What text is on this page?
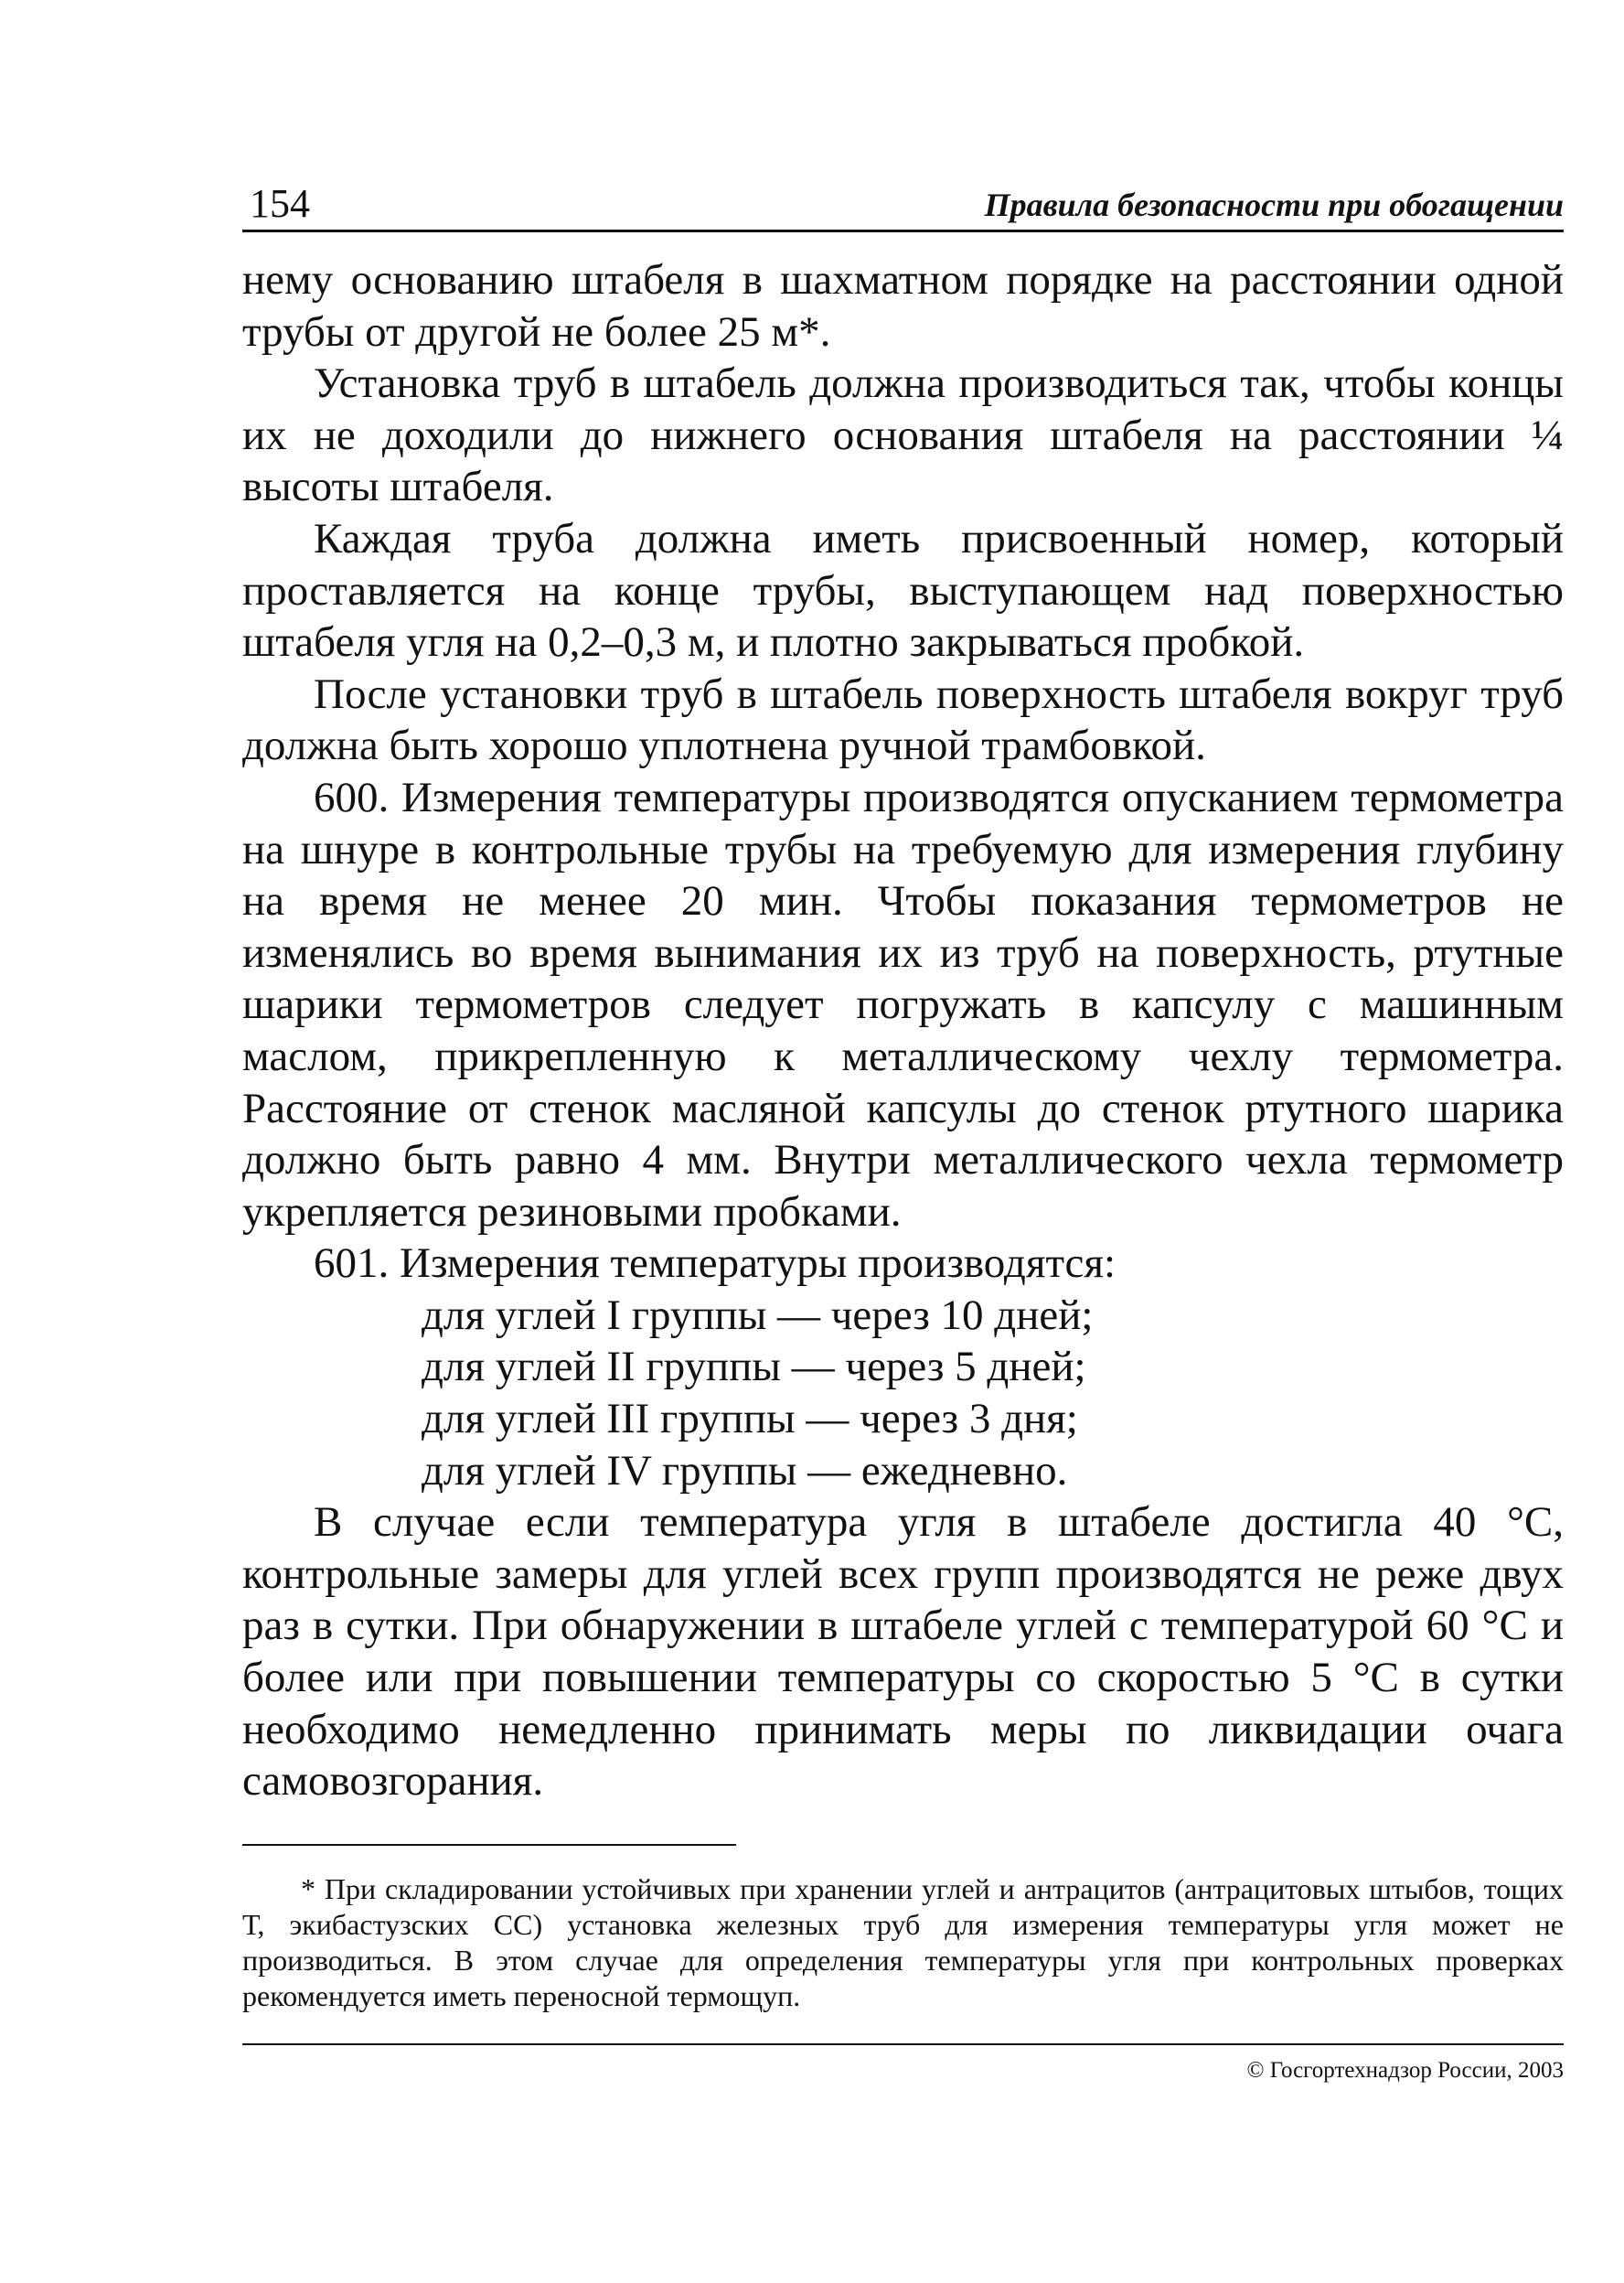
154	Правила безопасности при обогащении

нему основанию штабеля в шахматном порядке на расстоянии одной трубы от другой не более 25 м*.

Установка труб в штабель должна производиться так, чтобы концы их не доходили до нижнего основания штабеля на расстоянии ¼ высоты штабеля.

Каждая труба должна иметь присвоенный номер, который проставляется на конце трубы, выступающем над поверхностью штабеля угля на 0,2–0,3 м, и плотно закрываться пробкой.

После установки труб в штабель поверхность штабеля вокруг труб должна быть хорошо уплотнена ручной трамбовкой.

600. Измерения температуры производятся опусканием термометра на шнуре в контрольные трубы на требуемую для измерения глубину на время не менее 20 мин. Чтобы показания термометров не изменялись во время вынимания их из труб на поверхность, ртутные шарики термометров следует погружать в капсулу с машинным маслом, прикрепленную к металлическому чехлу термометра. Расстояние от стенок масляной капсулы до стенок ртутного шарика должно быть равно 4 мм. Внутри металлического чехла термометр укрепляется резиновыми пробками.

601. Измерения температуры производятся:

для углей I группы — через 10 дней;

для углей II группы — через 5 дней;

для углей III группы — через 3 дня;

для углей IV группы — ежедневно.

В случае если температура угля в штабеле достигла 40 °С, контрольные замеры для углей всех групп производятся не реже двух раз в сутки. При обнаружении в штабеле углей с температурой 60 °С и более или при повышении температуры со скоростью 5 °С в сутки необходимо немедленно принимать меры по ликвидации очага самовозгорания.

* При складировании устойчивых при хранении углей и антрацитов (антрацитовых штыбов, тощих Т, экибастузских СС) установка железных труб для измерения температуры угля может не производиться. В этом случае для определения температуры угля при контрольных проверках рекомендуется иметь переносной термощуп.

© Госгортехнадзор России, 2003
